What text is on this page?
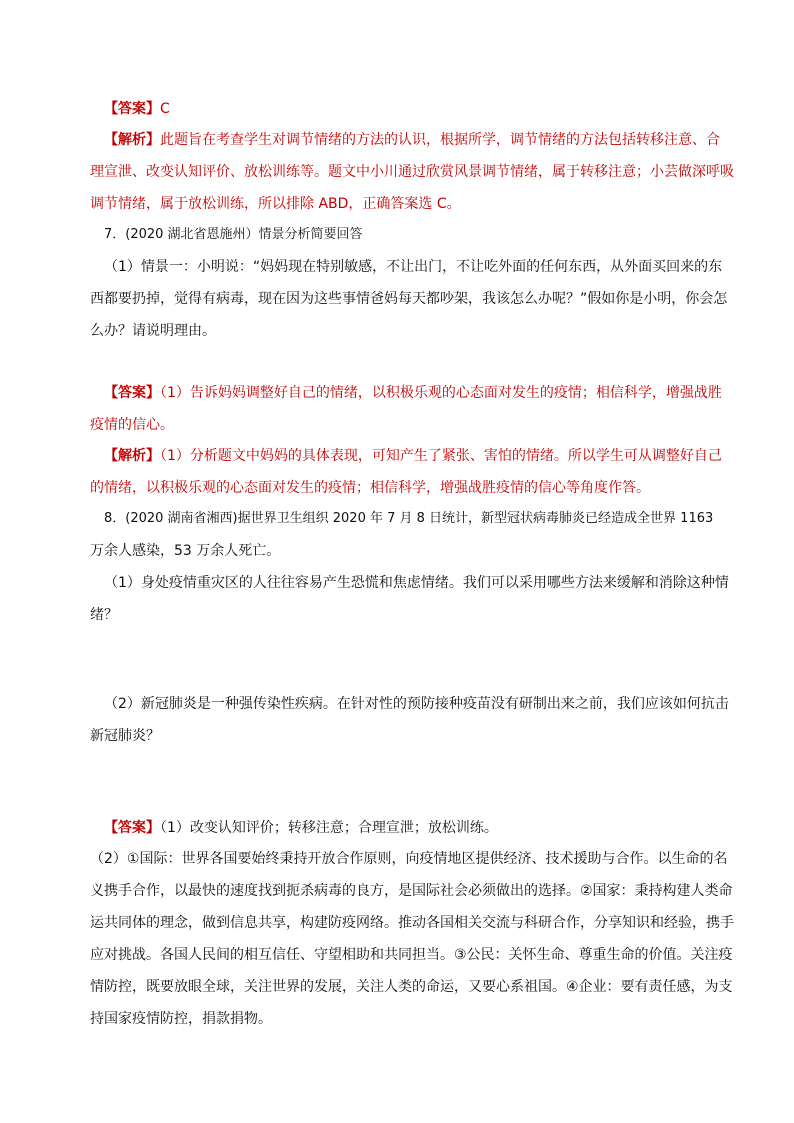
【答案】C
【解析】此题旨在考查学生对调节情绪的方法的认识，根据所学，调节情绪的方法包括转移注意、合
理宣泄、改变认知评价、放松训练等。题文中小川通过欣赏风景调节情绪，属于转移注意；小芸做深呼吸
调节情绪，属于放松训练，所以排除 ABD，正确答案选 C。
7．(2020 湖北省恩施州）情景分析简要回答
（1）情景一：小明说：“妈妈现在特别敏感，不让出门，不让吃外面的任何东西，从外面买回来的东
西都要扔掉，觉得有病毒，现在因为这些事情爸妈每天都吵架，我该怎么办呢？”假如你是小明，你会怎
么办？请说明理由。
【答案】（1）告诉妈妈调整好自己的情绪，以积极乐观的心态面对发生的疫情；相信科学，增强战胜
疫情的信心。
【解析】（1）分析题文中妈妈的具体表现，可知产生了紧张、害怕的情绪。所以学生可从调整好自己
的情绪，以积极乐观的心态面对发生的疫情；相信科学，增强战胜疫情的信心等角度作答。
8．(2020 湖南省湘西)据世界卫生组织 2020 年 7 月 8 日统计，新型冠状病毒肺炎已经造成全世界 1163
万余人感染，53 万余人死亡。
（1）身处疫情重灾区的人往往容易产生恐慌和焦虑情绪。我们可以采用哪些方法来缓解和消除这种情
绪？
（2）新冠肺炎是一种强传染性疾病。在针对性的预防接种疫苗没有研制出来之前，我们应该如何抗击
新冠肺炎？
【答案】（1）改变认知评价；转移注意；合理宣泄；放松训练。
（2）①国际：世界各国要始终秉持开放合作原则，向疫情地区提供经济、技术援助与合作。以生命的名
义携手合作，以最快的速度找到扼杀病毒的良方，是国际社会必须做出的选择。②国家：秉持构建人类命
运共同体的理念，做到信息共享，构建防疫网络。推动各国相关交流与科研合作，分享知识和经验，携手
应对挑战。各国人民间的相互信任、守望相助和共同担当。③公民：关怀生命、尊重生命的价值。关注疫
情防控，既要放眼全球，关注世界的发展，关注人类的命运，又要心系祖国。④企业：要有责任感，为支
持国家疫情防控，捐款捐物。
